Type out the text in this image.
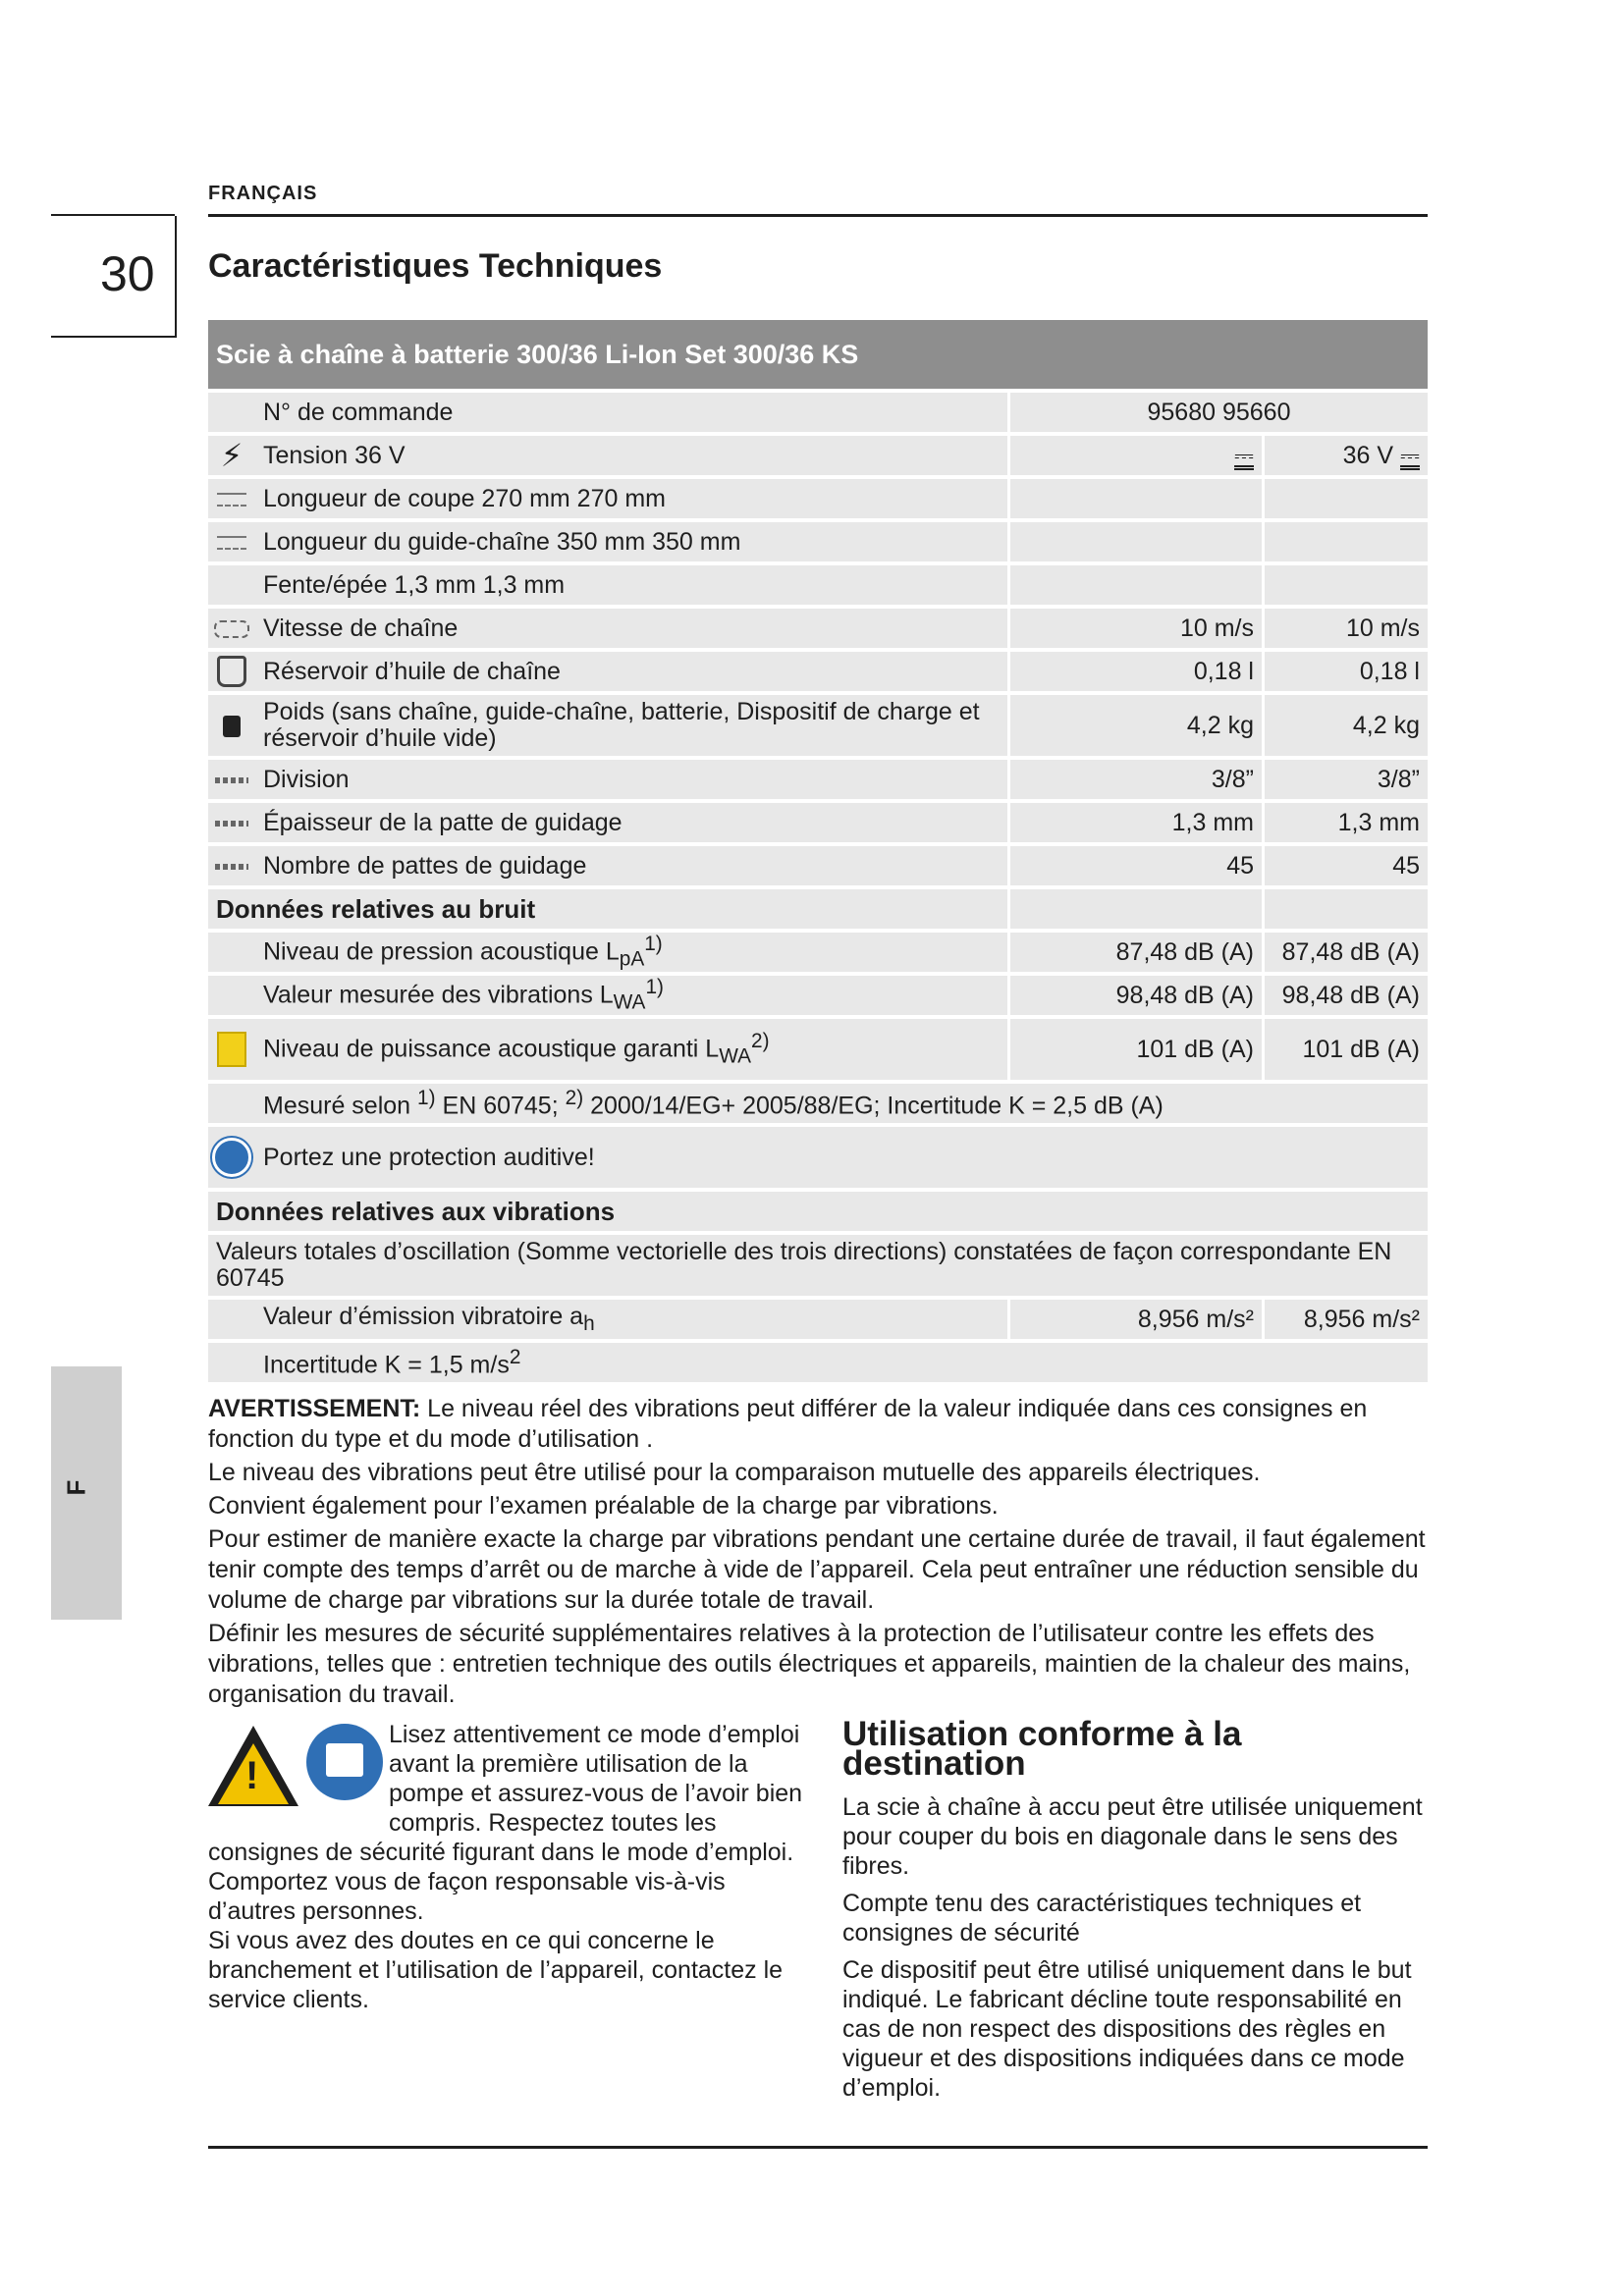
FRANÇAIS
30 Caractéristiques Techniques
Scie à chaîne à batterie 300/36 Li-Ion Set 300/36 KS			
	N° de commande	95680 95660	
⚡	Tension 36 V	⎓	36 V ⎓
	Longueur de coupe 270 mm 270 mm		
	Longueur du guide-chaîne 350 mm 350 mm		
	Fente/épée 1,3 mm 1,3 mm		
	Vitesse de chaîne	10 m/s	10 m/s
	Réservoir d’huile de chaîne	0,18 l	0,18 l
	Poids (sans chaîne, guide-chaîne, batterie, Dispositif de charge et réservoir d’huile vide)	4,2 kg	4,2 kg
	Division	3/8”	3/8”
	Épaisseur de la patte de guidage	1,3 mm	1,3 mm
	Nombre de pattes de guidage	45	45
Données relatives au bruit			
	Niveau de pression acoustique $L_{pA}^{1)}$	87,48 dB (A)	87,48 dB (A)
	Valeur mesurée des vibrations $L_{WA}^{1)}$	98,48 dB (A)	98,48 dB (A)
	Niveau de puissance acoustique garanti $L_{WA}^{2)}$	101 dB (A)	101 dB (A)
	Mesuré selon $^{1)}$ EN 60745; $^{2)}$ 2000/14/EG+ 2005/88/EG; Incertitude K = 2,5 dB (A)		
	Portez une protection auditive!		
Données relatives aux vibrations			
Valeurs totales d’oscillation (Somme vectorielle des trois directions) constatées de façon correspondante EN 60745			
	Valeur d’émission vibratoire $a_h$	8,956 m/s²	8,956 m/s²
	Incertitude K = 1,5 $m/s^2$

AVERTISSEMENT: Le niveau réel des vibrations peut différer de la valeur indiquée dans ces consignes en fonction du type et du mode d’utilisation .

Le niveau des vibrations peut être utilisé pour la comparaison mutuelle des appareils électriques.

Convient également pour l’examen préalable de la charge par vibrations.

Pour estimer de manière exacte la charge par vibrations pendant une certaine durée de travail, il faut également tenir compte des temps d’arrêt ou de marche à vide de l’appareil. Cela peut entraîner une réduction sensible du volume de charge par vibrations sur la durée totale de travail.

Définir les mesures de sécurité supplémentaires relatives à la protection de l’utilisateur contre les effets des vibrations, telles que : entretien technique des outils électriques et appareils, maintien de la chaleur des mains, organisation du travail.

!

Lisez attentivement ce mode d’emploi avant la première utilisation de la pompe et assurez-vous de l’avoir bien compris. Respectez toutes les consignes de sécurité figurant dans le mode d’emploi.

Comportez vous de façon responsable vis-à-vis d’autres personnes.

Si vous avez des doutes en ce qui concerne le branchement et l’utilisation de l’appareil, contactez le service clients.

Utilisation conforme à la destination

La scie à chaîne à accu peut être utilisée uniquement pour couper du bois en diagonale dans le sens des fibres.

Compte tenu des caractéristiques techniques et consignes de sécurité

Ce dispositif peut être utilisé uniquement dans le but indiqué. Le fabricant décline toute responsabilité en cas de non respect des dispositions des règles en vigueur et des dispositions indiquées dans ce mode d’emploi.

F
